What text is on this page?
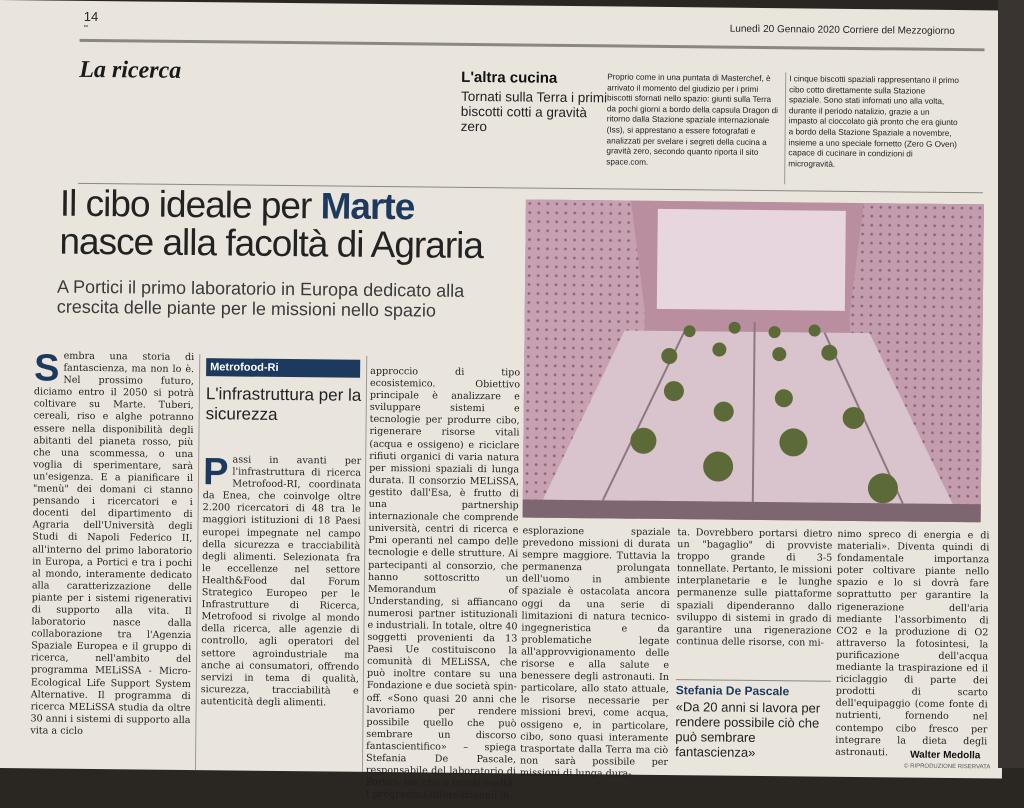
14
▪▪	Lunedì 20 Gennaio 2020 Corriere del Mezzogiorno
La ricerca	L'altra cucina
Tornati sulla Terra i primi biscotti cotti a gravità zero
Proprio come in una puntata di Masterchef, è arrivato il momento del giudizio per i primi biscotti sfornati nello spazio: giunti sulla Terra da pochi giorni a bordo della capsula Dragon di ritorno dalla Stazione spaziale internazionale (Iss), si apprestano a essere fotografati e analizzati per svelare i segreti della cucina a gravità zero, secondo quanto riporta il sito space.com.
I cinque biscotti spaziali rappresentano il primo cibo cotto direttamente sulla Stazione spaziale. Sono stati infornati uno alla volta, durante il periodo natalizio, grazie a un impasto al cioccolato già pronto che era giunto a bordo della Stazione Spaziale a novembre, insieme a uno speciale fornetto (Zero G Oven) capace di cucinare in condizioni di microgravità.
Il cibo ideale per Marte
nasce alla facoltà di Agraria
A Portici il primo laboratorio in Europa dedicato alla crescita delle piante per le missioni nello spazio
Sembra una storia di fantascienza, ma non lo è. Nel prossimo futuro, diciamo entro il 2050 si potrà coltivare su Marte. Tuberi, cereali, riso e alghe potranno essere nella disponibilità degli abitanti del pianeta rosso, più che una scommessa, o una voglia di sperimentare, sarà un'esigenza. E a pianificare il "menù" dei domani ci stanno pensando i ricercatori e i docenti del dipartimento di Agraria dell'Università degli Studi di Napoli Federico II, all'interno del primo laboratorio in Europa, a Portici e tra i pochi al mondo, interamente dedicato alla caratterizzazione delle piante per i sistemi rigenerativi di supporto alla vita. Il laboratorio nasce dalla collaborazione tra l'Agenzia Spaziale Europea e il gruppo di ricerca, nell'ambito del programma MELiSSA - Micro-Ecological Life Support System Alternative. Il programma di ricerca MELiSSA studia da oltre 30 anni i sistemi di supporto alla vita a ciclo
Metrofood-Ri
L'infrastruttura per la sicurezza
Passi in avanti per l'infrastruttura di ricerca Metrofood-RI, coordinata da Enea, che coinvolge oltre 2.200 ricercatori di 48 tra le maggiori istituzioni di 18 Paesi europei impegnate nel campo della sicurezza e tracciabilità degli alimenti. Selezionata fra le eccellenze nel settore Health&Food dal Forum Strategico Europeo per le Infrastrutture di Ricerca, Metrofood si rivolge al mondo della ricerca, alle agenzie di controllo, agli operatori del settore agroindustriale ma anche ai consumatori, offrendo servizi in tema di qualità, sicurezza, tracciabilità e autenticità degli alimenti.
approccio di tipo ecosistemico. Obiettivo principale è analizzare e sviluppare sistemi e tecnologie per produrre cibo, rigenerare risorse vitali (acqua e ossigeno) e riciclare rifiuti organici di varia natura per missioni spaziali di lunga durata. Il consorzio MELiSSA, gestito dall'Esa, è frutto di una partnership internazionale che comprende università, centri di ricerca e Pmi operanti nel campo delle tecnologie e delle strutture. Ai partecipanti al consorzio, che hanno sottoscritto un Memorandum of Understanding, si affiancano numerosi partner istituzionali e industriali. In totale, oltre 40 soggetti provenienti da 13 Paesi Ue costituiscono la comunità di MELiSSA, che può inoltre contare su una Fondazione e due società spin-off. «Sono quasi 20 anni che lavoriamo per rendere possibile quello che può sembrare un discorso fantascientifico» – spiega Stefania De Pascale, responsabile del laboratorio di Portici- ma che è ormai realtà. I programmi internazionali di
esplorazione spaziale prevedono missioni di durata sempre maggiore. Tuttavia la permanenza prolungata dell'uomo in ambiente spaziale è ostacolata ancora oggi da una serie di limitazioni di natura tecnico-ingegneristica e da problematiche legate all'approvvigionamento delle risorse e alla salute e benessere degli astronauti. In particolare, allo stato attuale, le risorse necessarie per missioni brevi, come acqua, ossigeno e, in particolare, cibo, sono quasi interamente trasportate dalla Terra ma ciò non sarà possibile per missioni di lunga dura-
ta. Dovrebbero portarsi dietro un "bagaglio" di provviste troppo grande di 3-5 tonnellate. Pertanto, le missioni interplanetarie e le lunghe permanenze sulle piattaforme spaziali dipenderanno dallo sviluppo di sistemi in grado di garantire una rigenerazione continua delle risorse, con mi-
Stefania De Pascale
«Da 20 anni si lavora per rendere possibile ciò che può sembrare fantascienza»
nimo spreco di energia e di materiali». Diventa quindi di fondamentale importanza poter coltivare piante nello spazio e lo si dovrà fare soprattutto per garantire la rigenerazione dell'aria mediante l'assorbimento di CO2 e la produzione di O2 attraverso la fotosintesi, la purificazione dell'acqua mediante la traspirazione ed il riciclaggio di parte dei prodotti di scarto dell'equipaggio (come fonte di nutrienti, fornendo nel contempo cibo fresco per integrare la dieta degli astronauti.	Walter Medolla
© RIPRODUZIONE RISERVATA
